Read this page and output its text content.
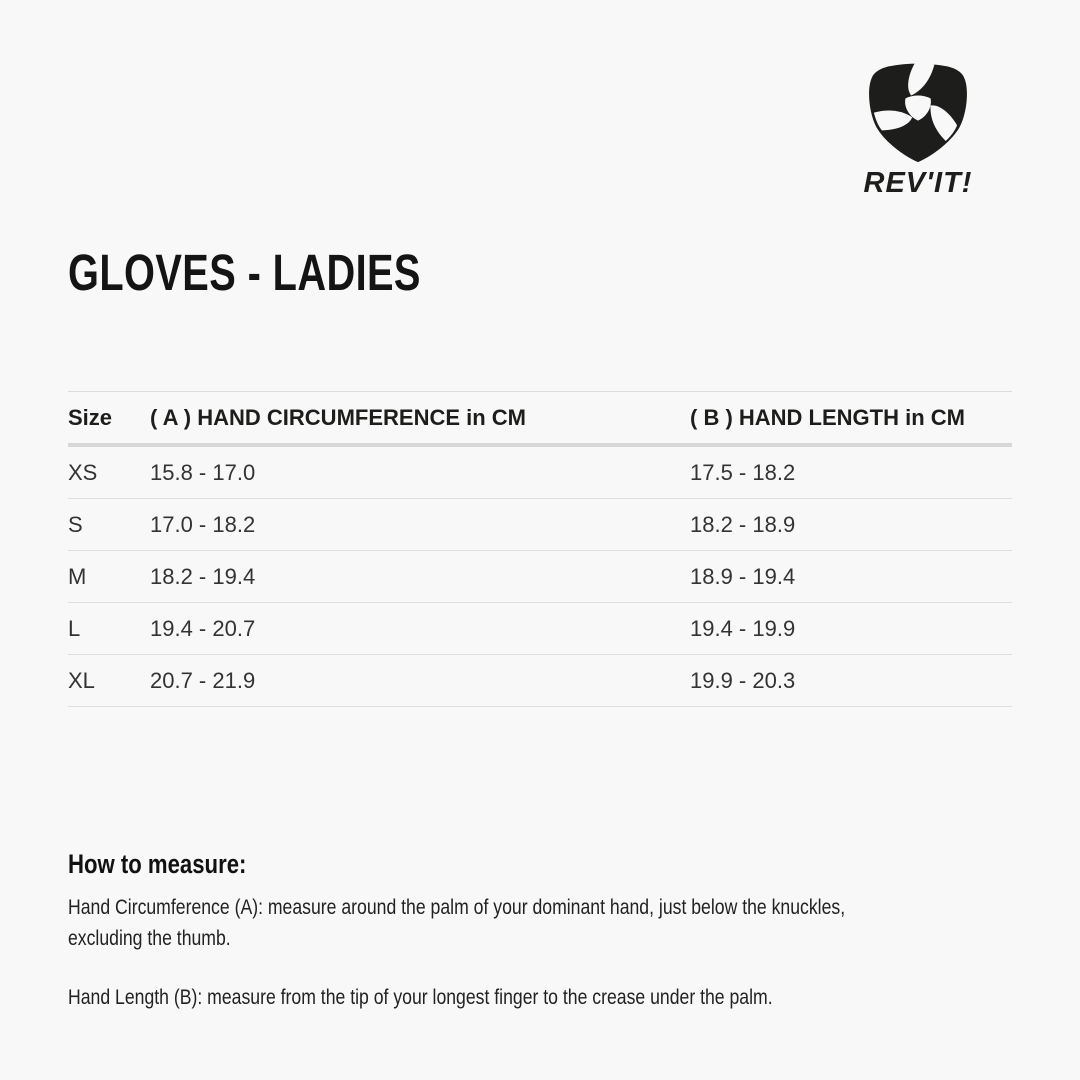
REV'IT!
GLOVES - LADIES
Size	( A ) HAND CIRCUMFERENCE in CM	( B ) HAND LENGTH in CM
XS	15.8 - 17.0	17.5 - 18.2
S	17.0 - 18.2	18.2 - 18.9
M	18.2 - 19.4	18.9 - 19.4
L	19.4 - 20.7	19.4 - 19.9
XL	20.7 - 21.9	19.9 - 20.3
How to measure:
Hand Circumference (A): measure around the palm of your dominant hand, just below the knuckles,
excluding the thumb.
Hand Length (B): measure from the tip of your longest finger to the crease under the palm.
